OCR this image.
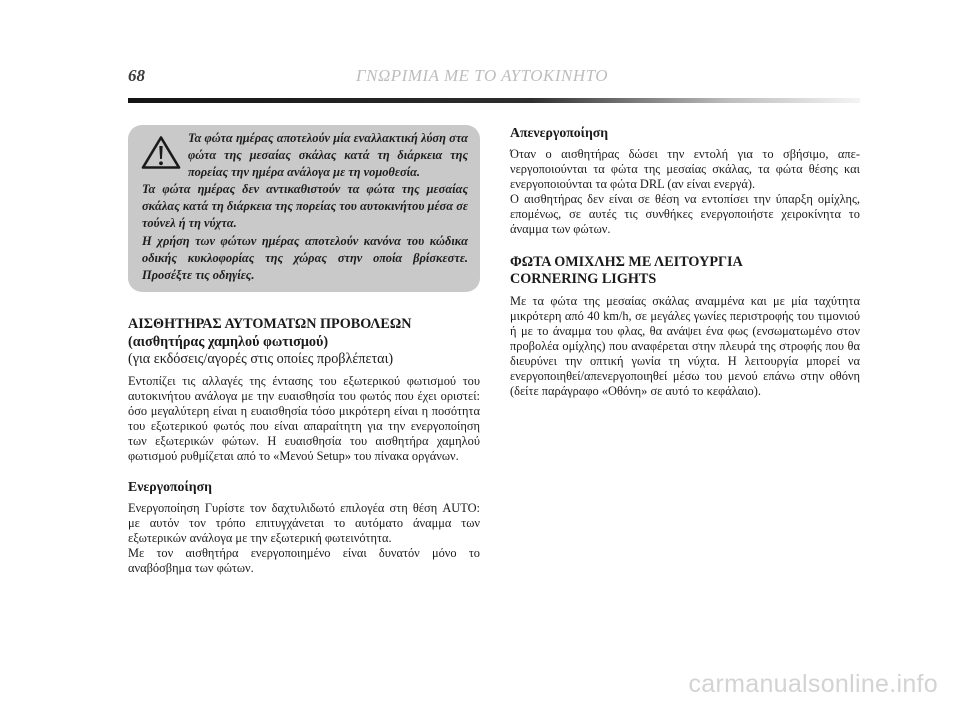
68	ΓΝΩΡΙΜΙΑ ΜΕ ΤΟ ΑΥΤΟΚΙΝΗΤΟ

Τα φώτα ημέρας αποτελούν μία εναλλακτική λύση στα φώτα της μεσαίας σκάλας κατά τη διάρκεια της πορείας την ημέρα ανάλογα με τη νομοθεσία.
Τα φώτα ημέρας δεν αντικαθιστούν τα φώτα της μεσαίας σκάλας κατά τη διάρκεια της πορείας του αυτοκινήτου μέσα σε τούνελ ή τη νύχτα.
Η χρήση των φώτων ημέρας αποτελούν κανόνα του κώδικα οδικής κυκλοφορίας της χώρας στην οποία βρίσκεστε. Προσέξτε τις οδηγίες.

ΑΙΣΘΗΤΗΡΑΣ ΑΥΤΟΜΑΤΩΝ ΠΡΟΒΟΛΕΩΝ

(αισθητήρας χαμηλού φωτισμού)

(για εκδόσεις/αγορές στις οποίες προβλέπεται)

Εντοπίζει τις αλλαγές της έντασης του εξωτερικού φωτισμού του αυτοκινήτου ανάλογα με την ευαισθησία του φωτός που έχει οριστεί: όσο μεγαλύτερη είναι η ευαισθησία τόσο μικρότερη είναι η ποσότητα του εξωτερικού φωτός που είναι απαραίτητη για την ενεργοποίηση των εξωτερικών φώτων. Η ευαισθησία του αισθητήρα χαμηλού φωτισμού ρυθμίζεται από το «Μενού Setup» του πίνακα οργάνων.

Ενεργοποίηση

Ενεργοποίηση Γυρίστε τον δαχτυλιδωτό επιλογέα στη θέση AUTO: με αυτόν τον τρόπο επιτυγχάνεται το αυτόματο άναμμα των εξωτερικών ανάλογα με την εξωτερική φωτεινότητα.

Με τον αισθητήρα ενεργοποιημένο είναι δυνατόν μόνο το αναβόσβημα των φώτων.

Απενεργοποίηση

Όταν ο αισθητήρας δώσει την εντολή για το σβήσιμο, απενεργοποιούνται τα φώτα της μεσαίας σκάλας, τα φώτα θέσης και ενεργοποιούνται τα φώτα DRL (αν είναι ενεργά).

Ο αισθητήρας δεν είναι σε θέση να εντοπίσει την ύπαρξη ομίχλης, επομένως, σε αυτές τις συνθήκες ενεργοποιήστε χειροκίνητα το άναμμα των φώτων.

ΦΩΤΑ ΟΜΙΧΛΗΣ ΜΕ ΛΕΙΤΟΥΡΓΙΑ

CORNERING LIGHTS

Με τα φώτα της μεσαίας σκάλας αναμμένα και με μία ταχύτητα μικρότερη από 40 km/h, σε μεγάλες γωνίες περιστροφής του τιμονιού ή με το άναμμα του φλας, θα ανάψει ένα φως (ενσωματωμένο στον προβολέα ομίχλης) που αναφέρεται στην πλευρά της στροφής που θα διευρύνει την οπτική γωνία τη νύχτα. Η λειτουργία μπορεί να ενεργοποιηθεί/απενεργοποιηθεί μέσω του μενού επάνω στην οθόνη (δείτε παράγραφο «Οθόνη» σε αυτό το κεφάλαιο).

carmanualsonline.info
